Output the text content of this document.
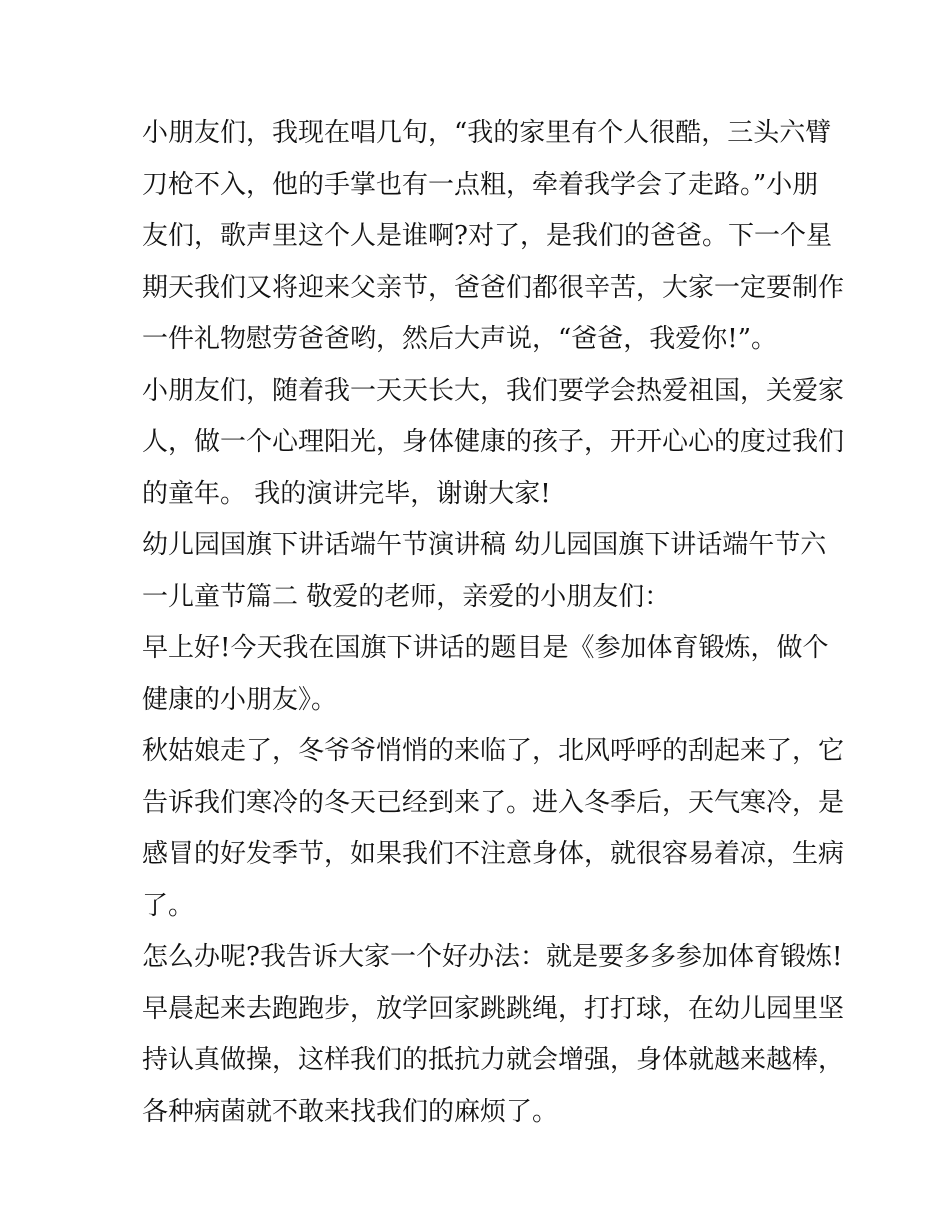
小朋友们，我现在唱几句，“我的家里有个人很酷，三头六臂
刀枪不入，他的手掌也有一点粗，牵着我学会了走路。”小朋
友们，歌声里这个人是谁啊?对了，是我们的爸爸。下一个星
期天我们又将迎来父亲节，爸爸们都很辛苦，大家一定要制作
一件礼物慰劳爸爸哟，然后大声说，“爸爸，我爱你!”。
小朋友们，随着我一天天长大，我们要学会热爱祖国，关爱家
人，做一个心理阳光，身体健康的孩子，开开心心的度过我们
的童年。 我的演讲完毕，谢谢大家!
幼儿园国旗下讲话端午节演讲稿 幼儿园国旗下讲话端午节六
一儿童节篇二 敬爱的老师，亲爱的小朋友们：
早上好!今天我在国旗下讲话的题目是《参加体育锻炼，做个
健康的小朋友》。
秋姑娘走了，冬爷爷悄悄的来临了，北风呼呼的刮起来了，它
告诉我们寒冷的冬天已经到来了。进入冬季后，天气寒冷，是
感冒的好发季节，如果我们不注意身体，就很容易着凉，生病
了。
怎么办呢?我告诉大家一个好办法：就是要多多参加体育锻炼!
早晨起来去跑跑步，放学回家跳跳绳，打打球，在幼儿园里坚
持认真做操，这样我们的抵抗力就会增强，身体就越来越棒，
各种病菌就不敢来找我们的麻烦了。
